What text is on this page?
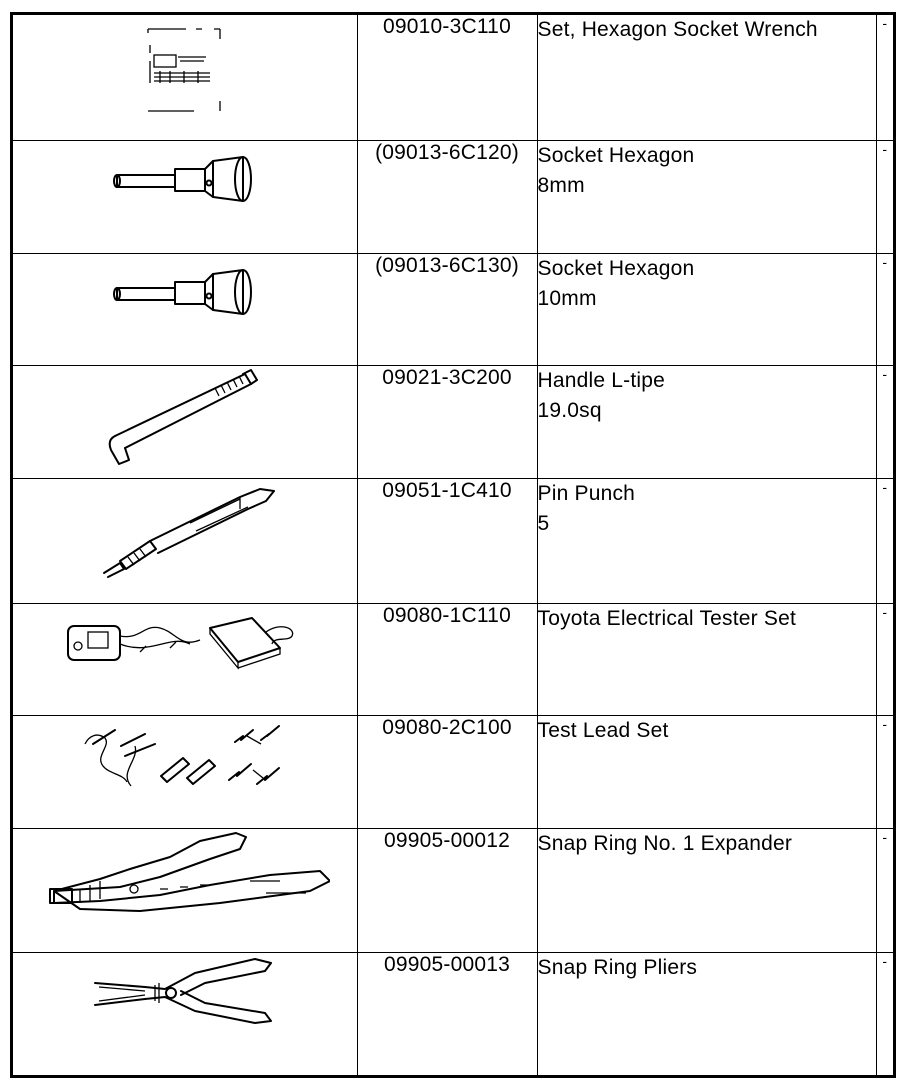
	09010-3C110	Set, Hexagon Socket Wrench	-

	(09013-6C120)	Socket Hexagon
8mm	-

	(09013-6C130)	Socket Hexagon
10mm	-

	09021-3C200	Handle L-tipe
19.0sq	-

	09051-1C410	Pin Punch
5	-

	09080-1C110	Toyota Electrical Tester Set	-

	09080-2C100	Test Lead Set	-

	09905-00012	Snap Ring No. 1 Expander	-

	09905-00013	Snap Ring Pliers	-
